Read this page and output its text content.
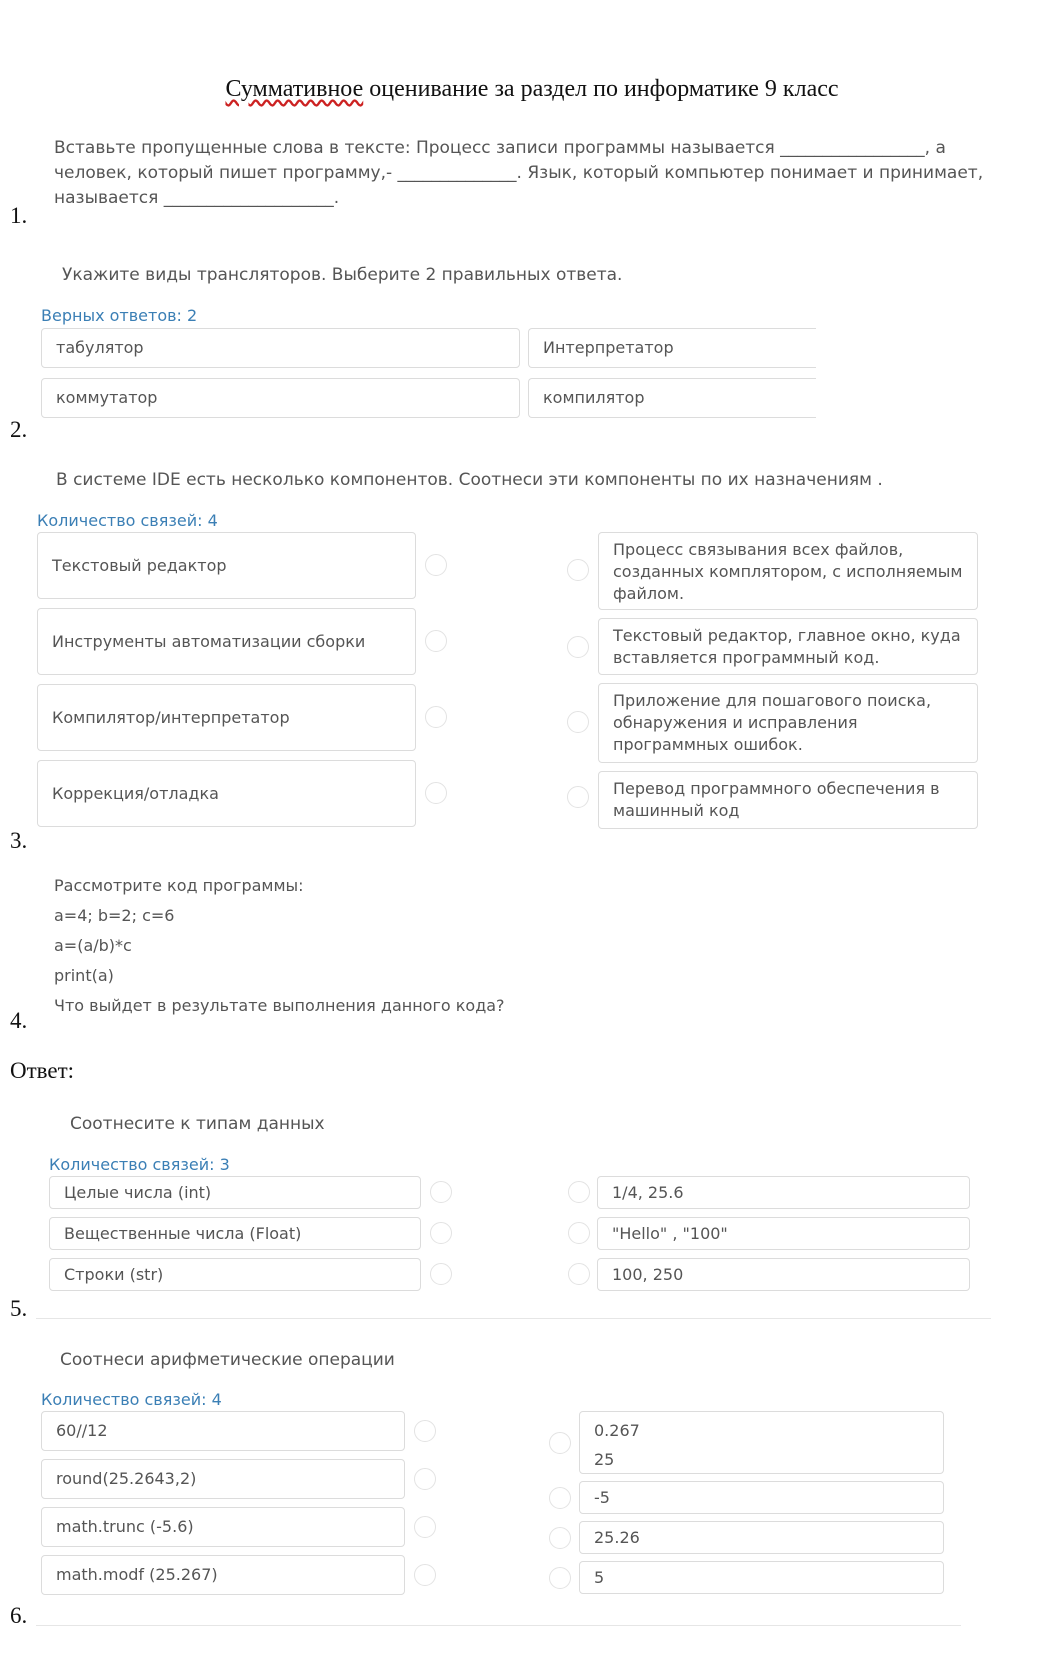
Суммативное оценивание за раздел по информатике 9 класс
Вставьте пропущенные слова в тексте: Процесс записи программы называется _________________, а
человек, который пишет программу,- ______________. Язык, который компьютер понимает и принимает,
называется ____________________.
1.
Укажите виды трансляторов. Выберите 2 правильных ответа.
Верных ответов: 2
табулятор	Интерпретатор
коммутатор	компилятор
2.
В системе IDE есть несколько компонентов. Соотнеси эти компоненты по их назначениям .
Количество связей: 4
Текстовый редактор
Инструменты автоматизации сборки
Компилятор/интерпретатор
Коррекция/отладка
Процесс связывания всех файлов, созданных комплятором, с исполняемым файлом.
Текстовый редактор, главное окно, куда вставляется программный код.
Приложение для пошагового поиска, обнаружения и исправления программных ошибок.
Перевод программного обеспечения в машинный код
3.
Рассмотрите код программы:
a=4; b=2; c=6
a=(a/b)*c
print(a)
Что выйдет в результате выполнения данного кода?
4.
Ответ:
Соотнесите к типам данных
Количество связей: 3
Целые числа (int)
Вещественные числа (Float)
Строки (str)
1/4, 25.6
"Hello" , "100"
100, 250
5.
Соотнеси арифметические операции
Количество связей: 4
60//12
round(25.2643,2)
math.trunc (-5.6)
math.modf (25.267)
0.267
25
-5
25.26
5
6.
